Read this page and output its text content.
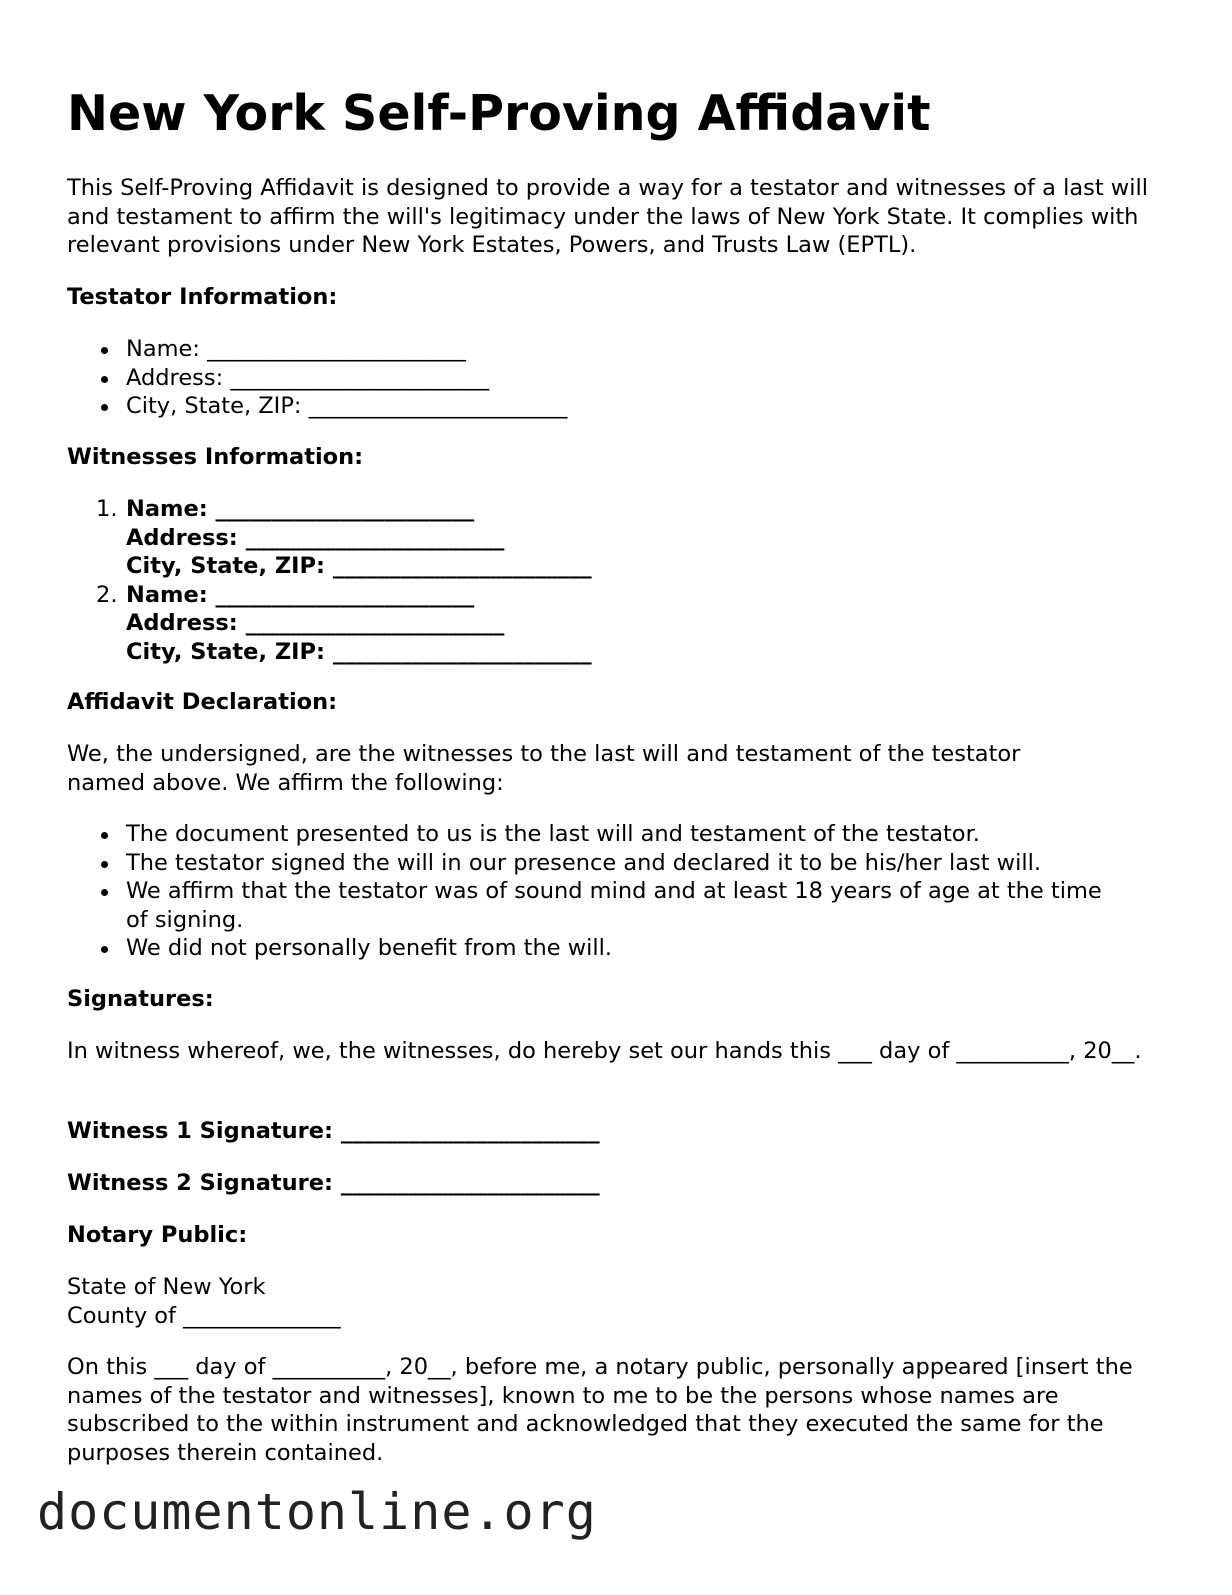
New York Self-Proving Affidavit

This Self-Proving Affidavit is designed to provide a way for a testator and witnesses of a last will and testament to affirm the will's legitimacy under the laws of New York State. It complies with relevant provisions under New York Estates, Powers, and Trusts Law (EPTL).

Testator Information:
Name: _______________________
Address: _______________________
City, State, ZIP: _______________________
Witnesses Information:
1. Name: _______________________
Address: _______________________
City, State, ZIP: _______________________
2. Name: _______________________
Address: _______________________
City, State, ZIP: _______________________
Affidavit Declaration:

We, the undersigned, are the witnesses to the last will and testament of the testator named above. We affirm the following:

The document presented to us is the last will and testament of the testator.
The testator signed the will in our presence and declared it to be his/her last will.
We affirm that the testator was of sound mind and at least 18 years of age at the time of signing.
We did not personally benefit from the will.
Signatures:

In witness whereof, we, the witnesses, do hereby set our hands this ___ day of __________, 20__.

Witness 1 Signature: _______________________
Witness 2 Signature: _______________________
Notary Public:
State of New York
County of ______________

On this ___ day of __________, 20__, before me, a notary public, personally appeared [insert the names of the testator and witnesses], known to me to be the persons whose names are subscribed to the within instrument and acknowledged that they executed the same for the purposes therein contained.

documentonline.org
